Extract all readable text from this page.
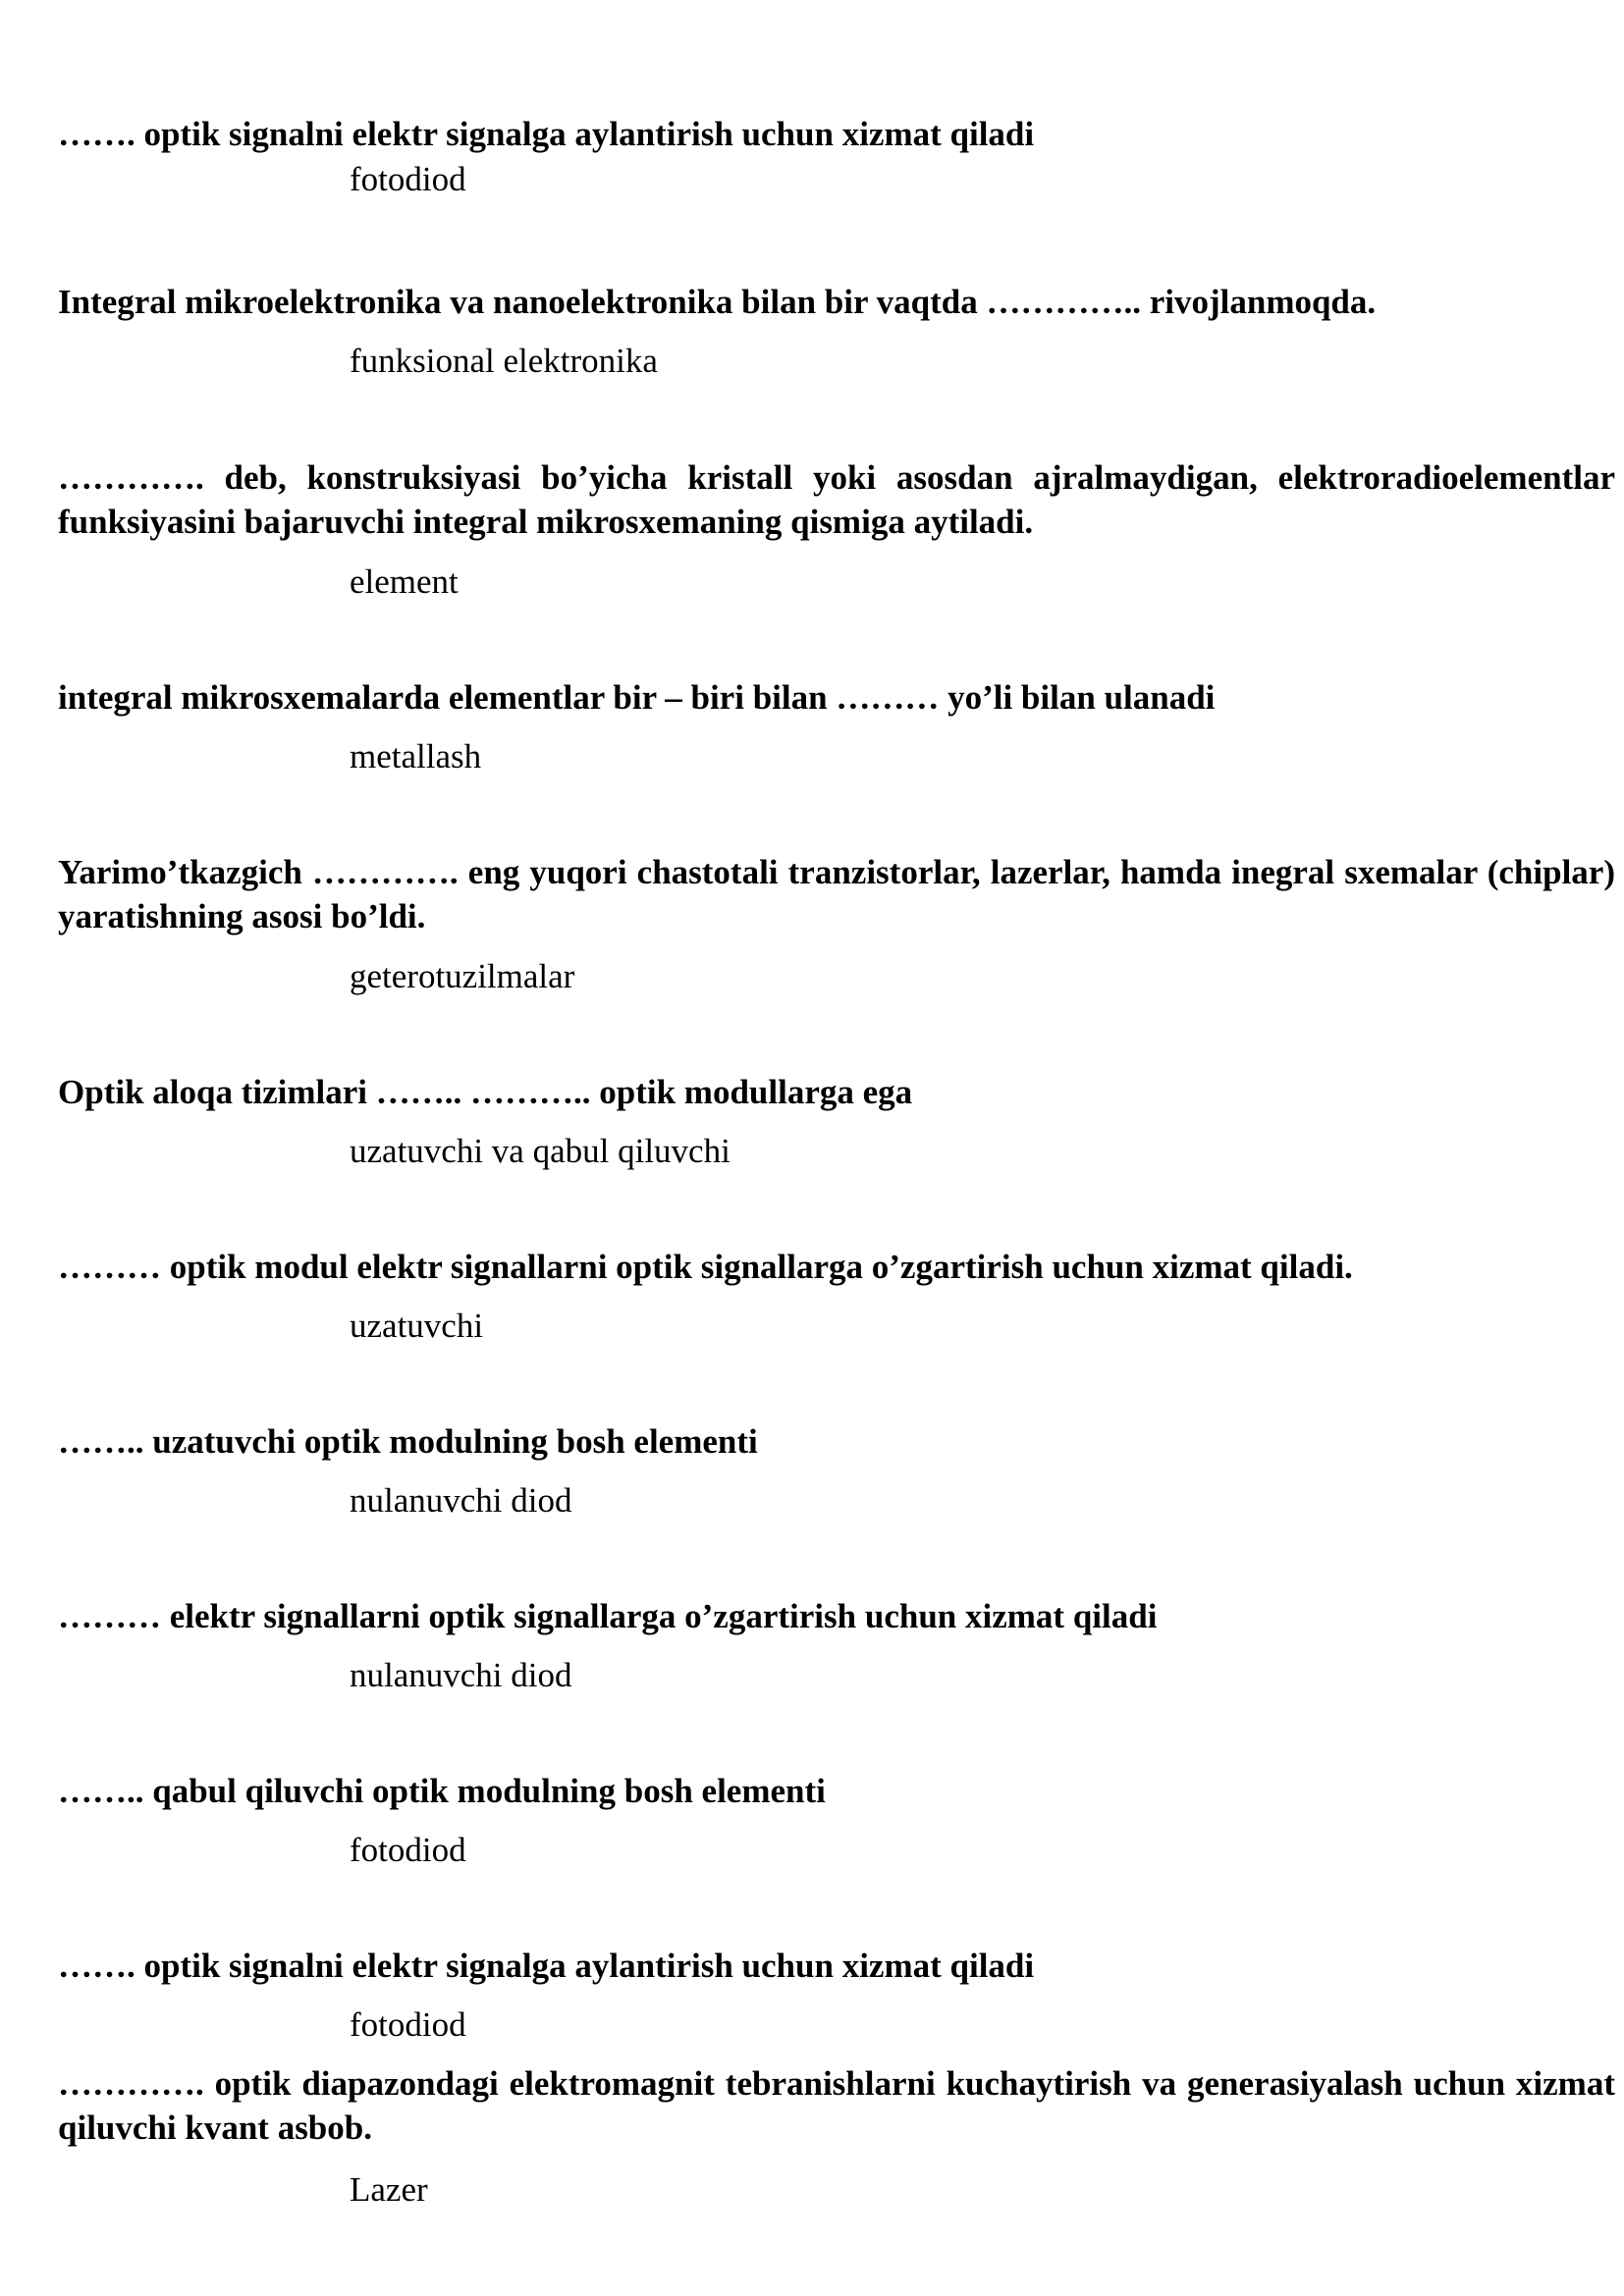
……. optik signalni elektr signalga aylantirish uchun xizmat qiladi

fotodiod

Integral mikroelektronika va nanoelektronika bilan bir vaqtda ………….. rivojlanmoqda.

funksional elektronika

…………. deb, konstruksiyasi bo’yicha kristall yoki asosdan ajralmaydigan, elektroradioelementlar funksiyasini bajaruvchi integral mikrosxemaning qismiga aytiladi.

element

integral mikrosxemalarda elementlar bir – biri bilan ……… yo’li bilan ulanadi

metallash

Yarimo’tkazgich …………. eng yuqori chastotali tranzistorlar, lazerlar, hamda inegral sxemalar (chiplar) yaratishning asosi bo’ldi.

geterotuzilmalar

Optik aloqa tizimlari …….. ……….. optik modullarga ega

uzatuvchi va qabul qiluvchi

……… optik modul elektr signallarni optik signallarga o’zgartirish uchun xizmat qiladi.

uzatuvchi

…….. uzatuvchi optik modulning bosh elementi

nulanuvchi diod

……… elektr signallarni optik signallarga o’zgartirish uchun xizmat qiladi

nulanuvchi diod

…….. qabul qiluvchi optik modulning bosh elementi

fotodiod

……. optik signalni elektr signalga aylantirish uchun xizmat qiladi

fotodiod

…………. optik diapazondagi elektromagnit tebranishlarni kuchaytirish va generasiyalash uchun xizmat qiluvchi kvant asbob.

Lazer
